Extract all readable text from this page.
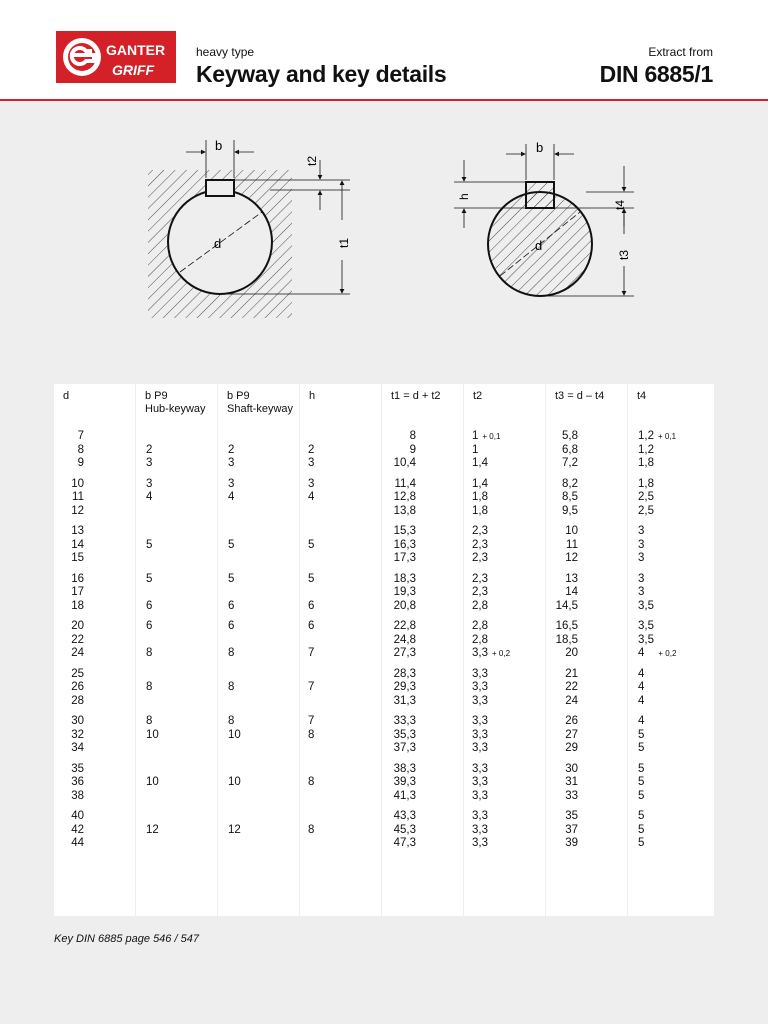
GANTER
GRIFF
heavy type
Keyway and key details
Extract from
DIN 6885/1
b
t2
t1
d
b
h
t4
t3
d
d
7
8
9
10
11
12
13
14
15
16
17
18
20
22
24
25
26
28
30
32
34
35
36
38
40
42
44
b P9
Hub-keyway
2
3
3
4
5
5
6
6
8
8
8
10
10
12
b P9
Shaft-keyway
2
3
3
4
5
5
6
6
8
8
8
10
10
12
h
2
3
3
4
5
5
6
6
7
7
7
8
8
8
t1 = d + t2
8
9
10,4
11,4
12,8
13,8
15,3
16,3
17,3
18,3
19,3
20,8
22,8
24,8
27,3
28,3
29,3
31,3
33,3
35,3
37,3
38,3
39,3
41,3
43,3
45,3
47,3
t2
1 + 0,1
1
1,4
1,4
1,8
1,8
2,3
2,3
2,3
2,3
2,3
2,8
2,8
2,8
3,3 + 0,2
3,3
3,3
3,3
3,3
3,3
3,3
3,3
3,3
3,3
3,3
3,3
3,3
t3 = d – t4
5,8
6,8
7,2
8,2
8,5
9,5
10
11
12
13
14
14,5
16,5
18,5
20
21
22
24
26
27
29
30
31
33
35
37
39
t4
1,2 + 0,1
1,2
1,8
1,8
2,5
2,5
3
3
3
3
3
3,5
3,5
3,5
4 + 0,2
4
4
4
4
5
5
5
5
5
5
5
5
Key DIN 6885 page 546 / 547
